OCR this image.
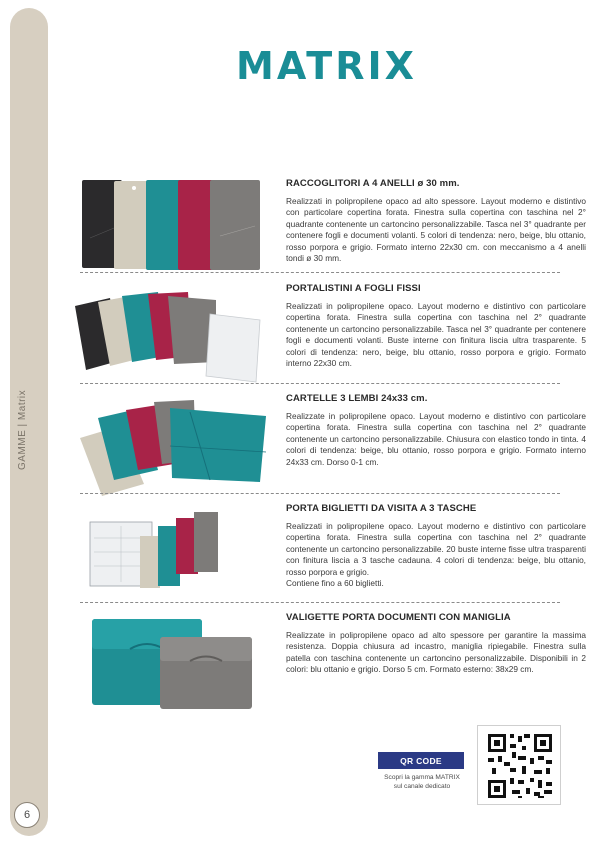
GAMME | Matrix
6
MATRIX
RACCOGLITORI A 4 ANELLI ø 30 mm.

Realizzati in polipropilene opaco ad alto spessore. Layout moderno e distintivo con particolare copertina forata. Finestra sulla copertina con taschina nel 2° quadrante contenente un cartoncino personalizzabile. Tasca nel 3° quadrante per contenere fogli e documenti volanti. 5 colori di tendenza: nero, beige, blu ottanio, rosso porpora e grigio. Formato interno 22x30 cm. con meccanismo a 4 anelli tondi ø 30 mm.

PORTALISTINI A FOGLI FISSI

Realizzati in polipropilene opaco. Layout moderno e distintivo con particolare copertina forata. Finestra sulla copertina con taschina nel 2° quadrante contenente un cartoncino personalizzabile. Tasca nel 3° quadrante per contenere fogli e documenti volanti. Buste interne con finitura liscia ultra trasparente. 5 colori di tendenza: nero, beige, blu ottanio, rosso porpora e grigio. Formato interno 22x30 cm.

CARTELLE 3 LEMBI 24x33 cm.

Realizzate in polipropilene opaco. Layout moderno e distintivo con particolare copertina forata. Finestra sulla copertina con taschina nel 2° quadrante contenente un cartoncino personalizzabile. Chiusura con elastico tondo in tinta. 4 colori di tendenza: beige, blu ottanio, rosso porpora e grigio. Formato interno 24x33 cm. Dorso 0-1 cm.

PORTA BIGLIETTI DA VISITA A 3 TASCHE

Realizzati in polipropilene opaco. Layout moderno e distintivo con particolare copertina forata. Finestra sulla copertina con taschina nel 2° quadrante contenente un cartoncino personalizzabile. 20 buste interne fisse ultra trasparenti con finitura liscia a 3 tasche cadauna. 4 colori di tendenza: beige, blu ottanio, rosso porpora e grigio.

Contiene fino a 60 biglietti.

VALIGETTE PORTA DOCUMENTI CON MANIGLIA

Realizzate in polipropilene opaco ad alto spessore per garantire la massima resistenza. Doppia chiusura ad incastro, maniglia ripiegabile. Finestra sulla patella con taschina contenente un cartoncino personalizzabile. Disponibili in 2 colori: blu ottanio e grigio. Dorso 5 cm. Formato esterno: 38x29 cm.

QR CODE
Scopri la gamma MATRIX
sul canale dedicato
